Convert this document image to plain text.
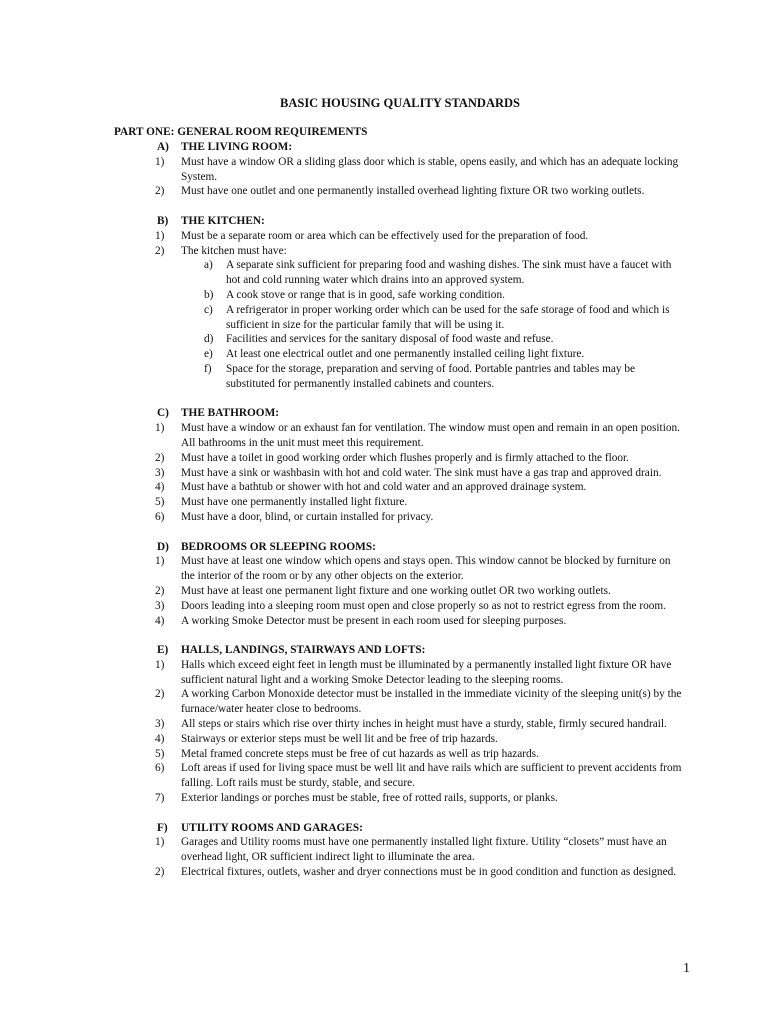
BASIC HOUSING QUALITY STANDARDS
PART ONE: GENERAL ROOM REQUIREMENTS
A) THE LIVING ROOM:
1) Must have a window OR a sliding glass door which is stable, opens easily, and which has an adequate locking System.
2) Must have one outlet and one permanently installed overhead lighting fixture OR two working outlets.
B) THE KITCHEN:
1) Must be a separate room or area which can be effectively used for the preparation of food.
2) The kitchen must have:
a) A separate sink sufficient for preparing food and washing dishes. The sink must have a faucet with hot and cold running water which drains into an approved system.
b) A cook stove or range that is in good, safe working condition.
c) A refrigerator in proper working order which can be used for the safe storage of food and which is sufficient in size for the particular family that will be using it.
d) Facilities and services for the sanitary disposal of food waste and refuse.
e) At least one electrical outlet and one permanently installed ceiling light fixture.
f) Space for the storage, preparation and serving of food. Portable pantries and tables may be substituted for permanently installed cabinets and counters.
C) THE BATHROOM:
1) Must have a window or an exhaust fan for ventilation. The window must open and remain in an open position. All bathrooms in the unit must meet this requirement.
2) Must have a toilet in good working order which flushes properly and is firmly attached to the floor.
3) Must have a sink or washbasin with hot and cold water. The sink must have a gas trap and approved drain.
4) Must have a bathtub or shower with hot and cold water and an approved drainage system.
5) Must have one permanently installed light fixture.
6) Must have a door, blind, or curtain installed for privacy.
D) BEDROOMS OR SLEEPING ROOMS:
1) Must have at least one window which opens and stays open. This window cannot be blocked by furniture on the interior of the room or by any other objects on the exterior.
2) Must have at least one permanent light fixture and one working outlet OR two working outlets.
3) Doors leading into a sleeping room must open and close properly so as not to restrict egress from the room.
4) A working Smoke Detector must be present in each room used for sleeping purposes.
E) HALLS, LANDINGS, STAIRWAYS AND LOFTS:
1) Halls which exceed eight feet in length must be illuminated by a permanently installed light fixture OR have sufficient natural light and a working Smoke Detector leading to the sleeping rooms.
2) A working Carbon Monoxide detector must be installed in the immediate vicinity of the sleeping unit(s) by the furnace/water heater close to bedrooms.
3) All steps or stairs which rise over thirty inches in height must have a sturdy, stable, firmly secured handrail.
4) Stairways or exterior steps must be well lit and be free of trip hazards.
5) Metal framed concrete steps must be free of cut hazards as well as trip hazards.
6) Loft areas if used for living space must be well lit and have rails which are sufficient to prevent accidents from falling. Loft rails must be sturdy, stable, and secure.
7) Exterior landings or porches must be stable, free of rotted rails, supports, or planks.
F) UTILITY ROOMS AND GARAGES:
1) Garages and Utility rooms must have one permanently installed light fixture. Utility “closets” must have an overhead light, OR sufficient indirect light to illuminate the area.
2) Electrical fixtures, outlets, washer and dryer connections must be in good condition and function as designed.
1
